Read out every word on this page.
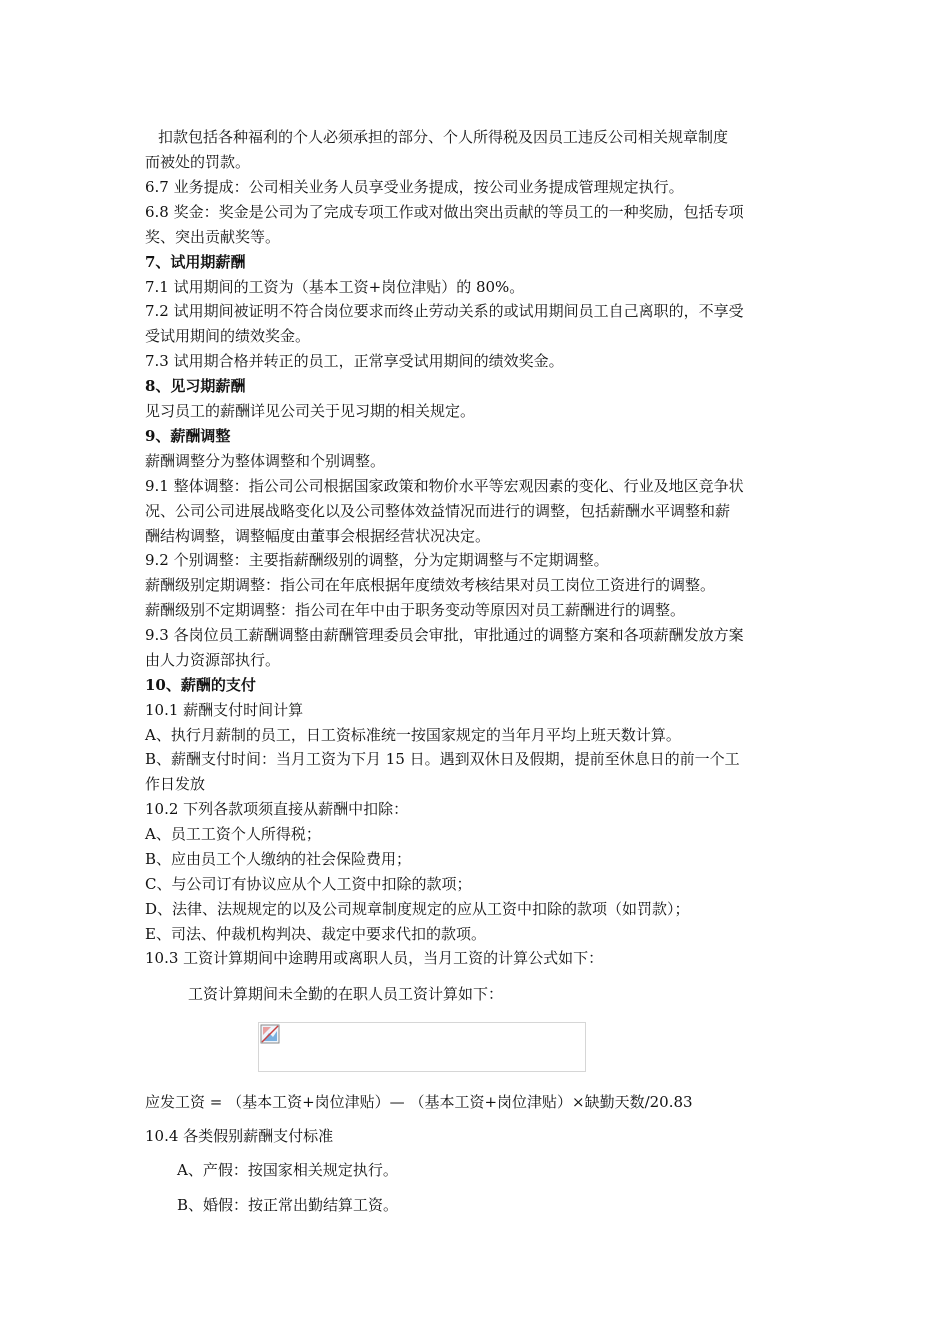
扣款包括各种福利的个人必须承担的部分、个人所得税及因员工违反公司相关规章制度
而被处的罚款。
6.7 业务提成：公司相关业务人员享受业务提成，按公司业务提成管理规定执行。
6.8 奖金：奖金是公司为了完成专项工作或对做出突出贡献的等员工的一种奖励，包括专项
奖、突出贡献奖等。
7、试用期薪酬
7.1 试用期间的工资为（基本工资+岗位津贴）的 80%。
7.2 试用期间被证明不符合岗位要求而终止劳动关系的或试用期间员工自己离职的，不享受
受试用期间的绩效奖金。
7.3 试用期合格并转正的员工，正常享受试用期间的绩效奖金。
8、见习期薪酬
见习员工的薪酬详见公司关于见习期的相关规定。
9、薪酬调整
薪酬调整分为整体调整和个别调整。
9.1 整体调整：指公司公司根据国家政策和物价水平等宏观因素的变化、行业及地区竞争状
况、公司公司进展战略变化以及公司整体效益情况而进行的调整，包括薪酬水平调整和薪
酬结构调整，调整幅度由董事会根据经营状况决定。
9.2 个别调整：主要指薪酬级别的调整，分为定期调整与不定期调整。
薪酬级别定期调整：指公司在年底根据年度绩效考核结果对员工岗位工资进行的调整。
薪酬级别不定期调整：指公司在年中由于职务变动等原因对员工薪酬进行的调整。
9.3 各岗位员工薪酬调整由薪酬管理委员会审批，审批通过的调整方案和各项薪酬发放方案
由人力资源部执行。
10、薪酬的支付
10.1 薪酬支付时间计算
A、执行月薪制的员工，日工资标准统一按国家规定的当年月平均上班天数计算。
B、薪酬支付时间：当月工资为下月 15 日。遇到双休日及假期，提前至休息日的前一个工
作日发放
10.2 下列各款项须直接从薪酬中扣除：
A、员工工资个人所得税；
B、应由员工个人缴纳的社会保险费用；
C、与公司订有协议应从个人工资中扣除的款项；
D、法律、法规规定的以及公司规章制度规定的应从工资中扣除的款项（如罚款）；
E、司法、仲裁机构判决、裁定中要求代扣的款项。
10.3 工资计算期间中途聘用或离职人员，当月工资的计算公式如下：
工资计算期间未全勤的在职人员工资计算如下：
应发工资 = （基本工资+岗位津贴）— （基本工资+岗位津贴）×缺勤天数/20.83
10.4 各类假别薪酬支付标准
A、产假：按国家相关规定执行。
B、婚假：按正常出勤结算工资。
